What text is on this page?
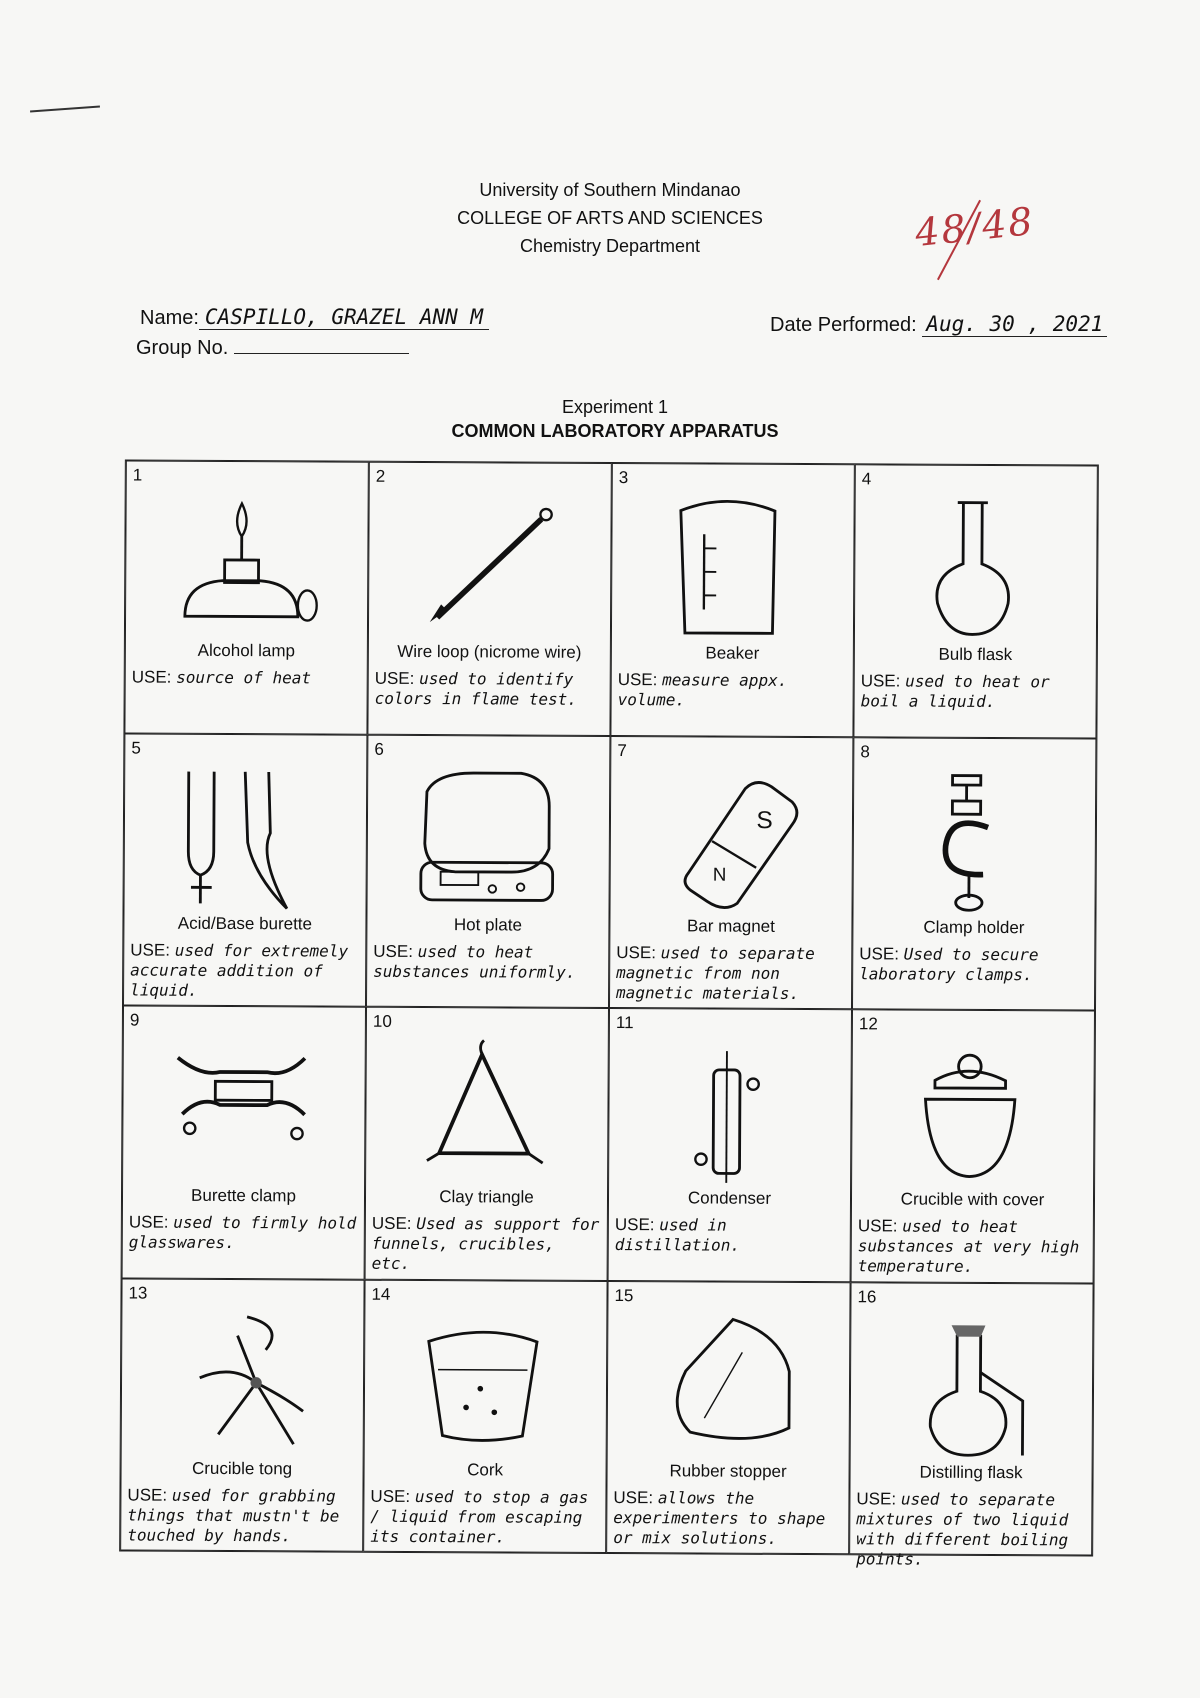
University of Southern Mindanao
COLLEGE OF ARTS AND SCIENCES
Chemistry Department	48/48
Name: CASPILLO, GRAZEL ANN M
Group No.
Date Performed: Aug. 30 , 2021
Experiment 1
COMMON LABORATORY APPARATUS
1
Alcohol lamp
USE: source of heat
2
Wire loop (nicrome wire)
USE: used to identify colors in flame test.
3
Beaker
USE: measure appx. volume.
4
Bulb flask
USE: used to heat or boil a liquid.
5
Acid/Base burette
USE: used for extremely accurate addition of liquid.
6
Hot plate
USE: used to heat substances uniformly.
7
S
N
Bar magnet
USE: used to separate magnetic from non magnetic materials.
8
Clamp holder
USE: Used to secure laboratory clamps.
9
Burette clamp
USE: used to firmly hold glasswares.
10
Clay triangle
USE: Used as support for funnels, crucibles, etc.
11
Condenser
USE: used in distillation.
12
Crucible with cover
USE: used to heat substances at very high temperature.
13
Crucible tong
USE: used for grabbing things that mustn't be touched by hands.
14
Cork
USE: used to stop a gas / liquid from escaping its container.
15
Rubber stopper
USE: allows the experimenters to shape or mix solutions.
16
Distilling flask
USE: used to separate mixtures of two liquid with different boiling points.
